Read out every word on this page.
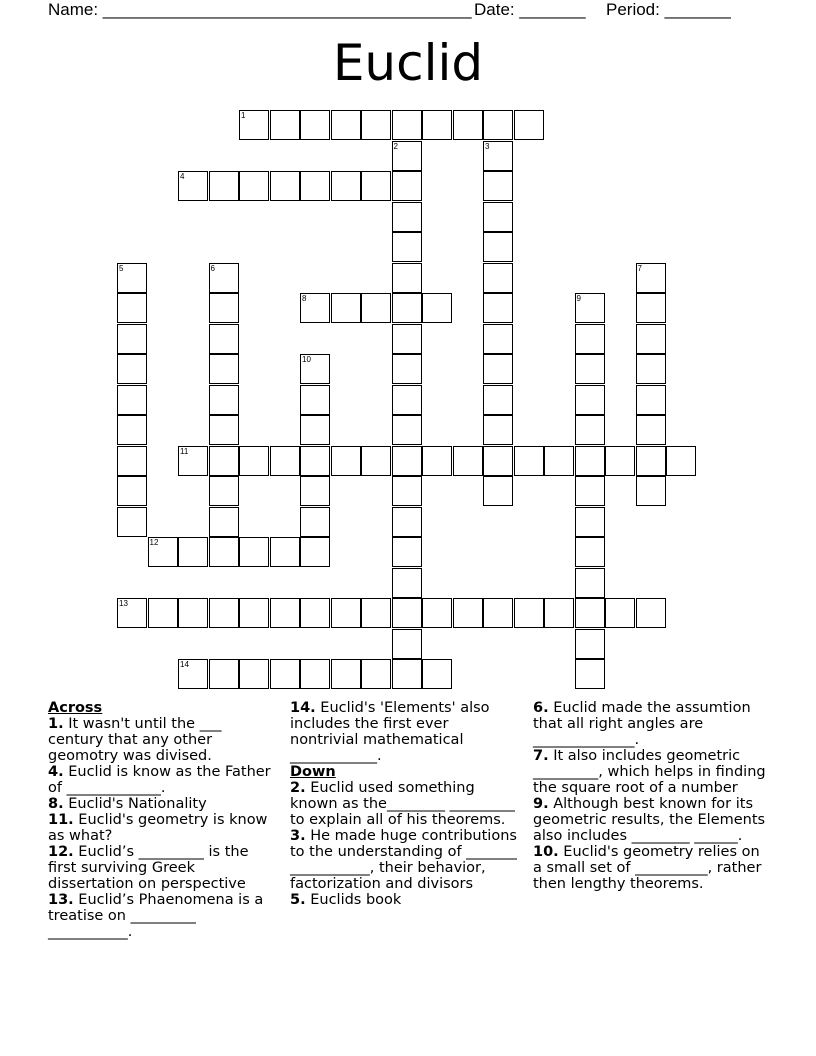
Name: _______________________________________ Date: _______ Period: _______
Euclid
1
4
8
11
12
13
14
2	3
5	6	7
9
10

Across

1. It wasn't until the ___ century that any other geomotry was divised.

4. Euclid is know as the Father of _____________.

8. Euclid's Nationality

11. Euclid's geometry is know as what?

12. Euclid’s _________ is the first surviving Greek dissertation on perspective

13. Euclid’s Phaenomena is a treatise on _________ ___________.

14. Euclid's 'Elements' also includes the first ever nontrivial mathematical ____________.

Down

2. Euclid used something known as the________ _________ to explain all of his theorems.

3. He made huge contributions to the understanding of _______ ___________, their behavior, factorization and divisors

5. Euclids book

6. Euclid made the assumtion that all right angles are ______________.

7. It also includes geometric _________, which helps in finding the square root of a number

9. Although best known for its geometric results, the Elements also includes ________ ______.

10. Euclid's geometry relies on a small set of __________, rather then lengthy theorems.
